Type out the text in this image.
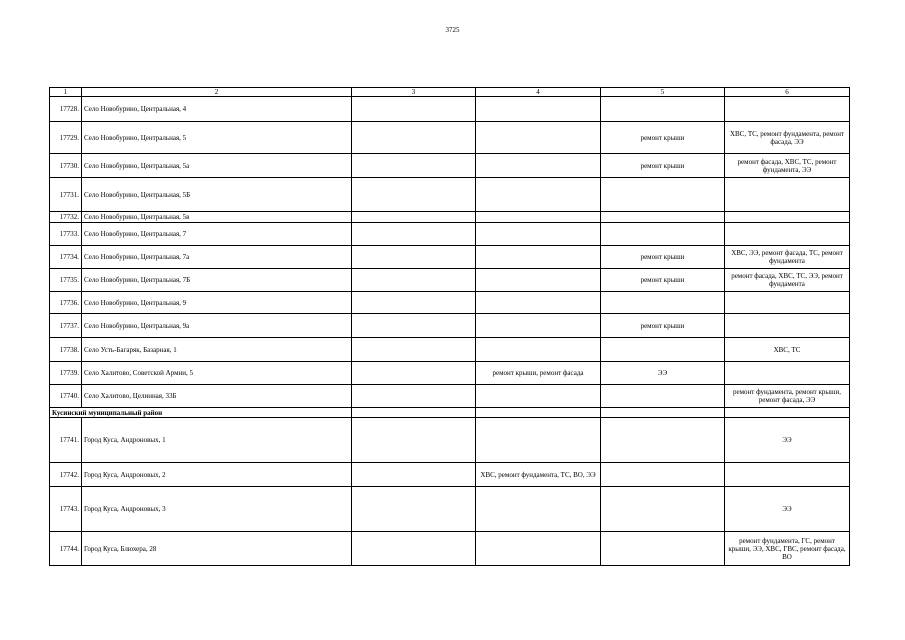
3725
1	2	3	4	5	6
17728.	Село Новобурино, Центральная, 4				
17729.	Село Новобурино, Центральная, 5			ремонт крыши	ХВС, ТС, ремонт фундамента, ремонт фасада, ЭЭ
17730.	Село Новобурино, Центральная, 5а			ремонт крыши	ремонт фасада, ХВС, ТС, ремонт фундамента, ЭЭ
17731.	Село Новобурино, Центральная, 5Б				
17732.	Село Новобурино, Центральная, 5в				
17733.	Село Новобурино, Центральная, 7				
17734.	Село Новобурино, Центральная, 7а			ремонт крыши	ХВС, ЭЭ, ремонт фасада, ТС, ремонт фундамента
17735.	Село Новобурино, Центральная, 7Б			ремонт крыши	ремонт фасада, ХВС, ТС, ЭЭ, ремонт фундамента
17736.	Село Новобурино, Центральная, 9				
17737.	Село Новобурино, Центральная, 9а			ремонт крыши	
17738.	Село Усть-Багаряк, Базарная, 1				ХВС, ТС
17739.	Село Халитово, Советской Армии, 5		ремонт крыши, ремонт фасада	ЭЭ	
17740.	Село Халитово, Целинная, 33Б				ремонт фундамента, ремонт крыши, ремонт фасада, ЭЭ
Кусинский муниципальный район					
17741.	Город Куса, Андроновых, 1				ЭЭ
17742.	Город Куса, Андроновых, 2		ХВС, ремонт фундамента, ТС, ВО, ЭЭ		
17743.	Город Куса, Андроновых, 3				ЭЭ
17744.	Город Куса, Блюхера, 28				ремонт фундамента, ГС, ремонт крыши, ЭЭ, ХВС, ГВС, ремонт фасада, ВО
